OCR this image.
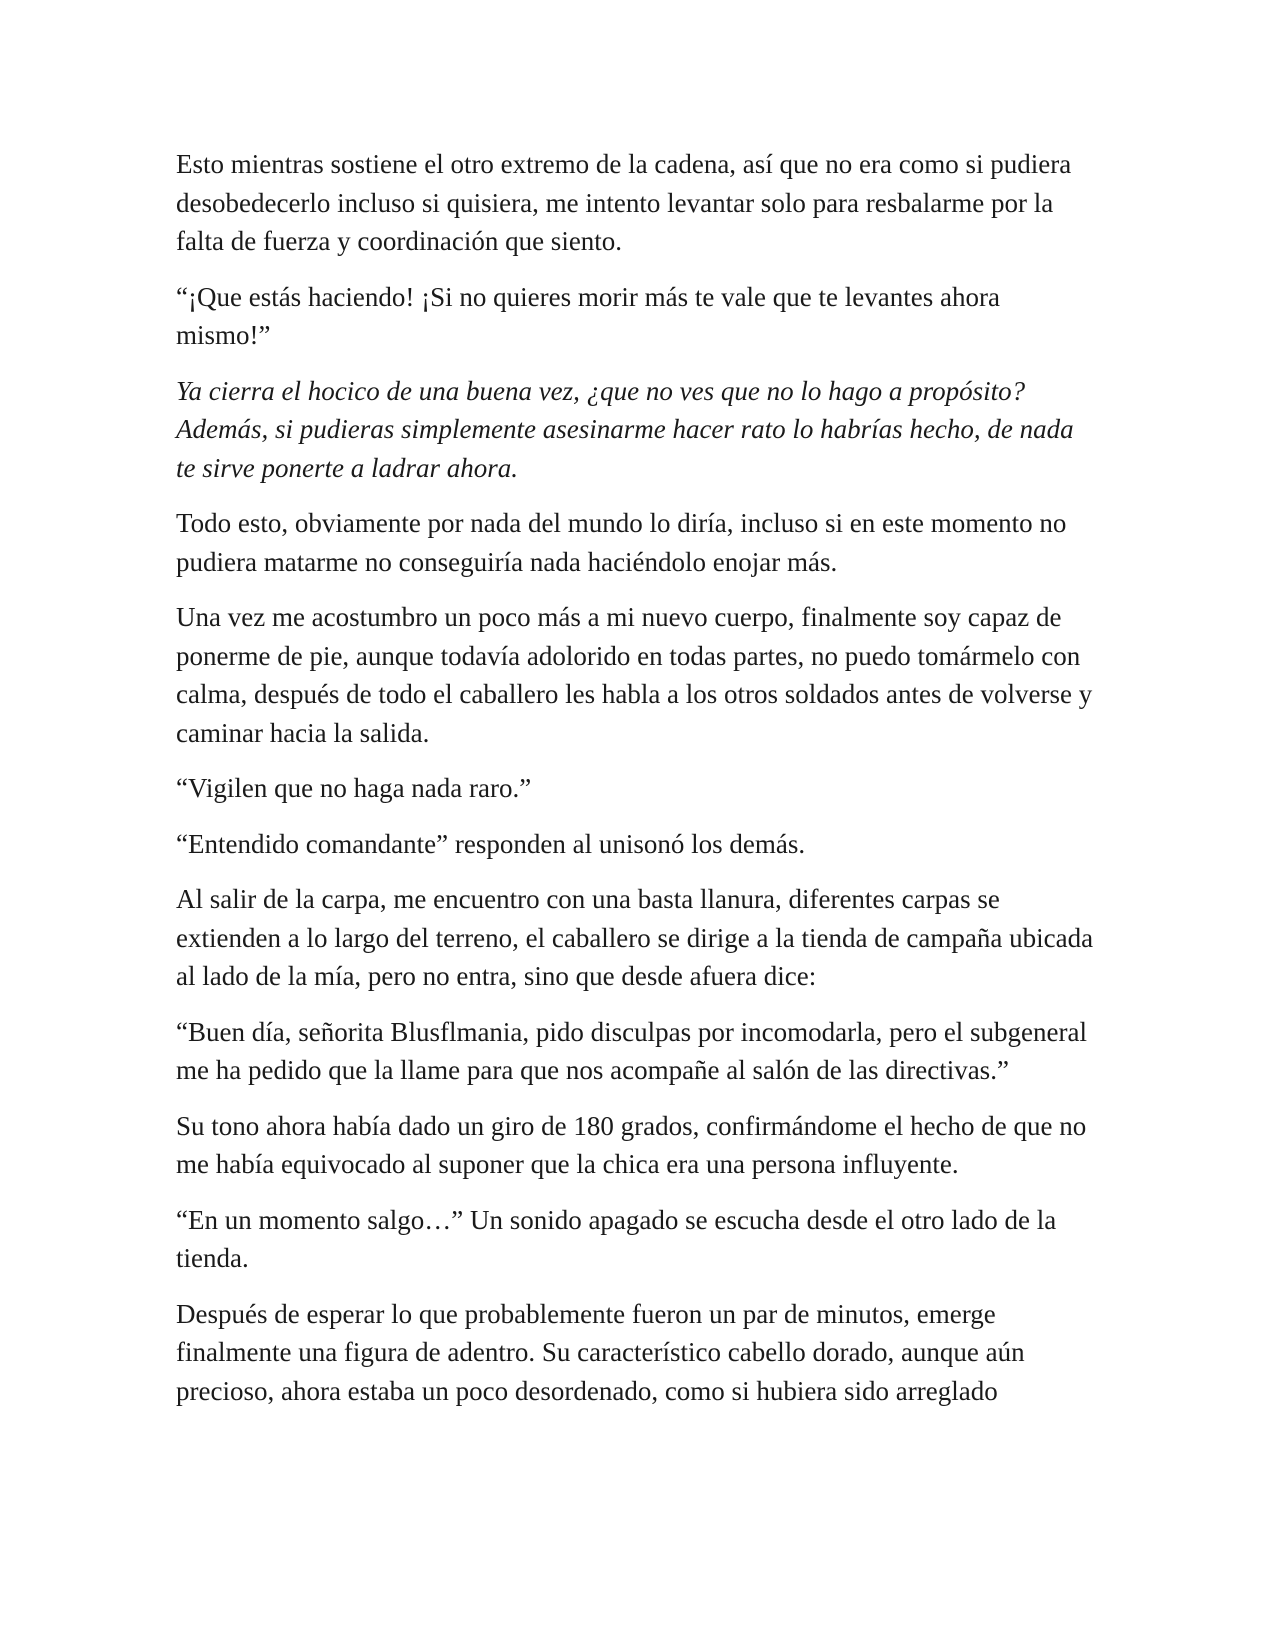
Esto mientras sostiene el otro extremo de la cadena, así que no era como si pudiera desobedecerlo incluso si quisiera, me intento levantar solo para resbalarme por la falta de fuerza y coordinación que siento.

“¡Que estás haciendo! ¡Si no quieres morir más te vale que te levantes ahora mismo!”

Ya cierra el hocico de una buena vez, ¿que no ves que no lo hago a propósito? Además, si pudieras simplemente asesinarme hacer rato lo habrías hecho, de nada te sirve ponerte a ladrar ahora.

Todo esto, obviamente por nada del mundo lo diría, incluso si en este momento no pudiera matarme no conseguiría nada haciéndolo enojar más.

Una vez me acostumbro un poco más a mi nuevo cuerpo, finalmente soy capaz de ponerme de pie, aunque todavía adolorido en todas partes, no puedo tomármelo con calma, después de todo el caballero les habla a los otros soldados antes de volverse y caminar hacia la salida.

“Vigilen que no haga nada raro.”

“Entendido comandante” responden al unisonó los demás.

Al salir de la carpa, me encuentro con una basta llanura, diferentes carpas se extienden a lo largo del terreno, el caballero se dirige a la tienda de campaña ubicada al lado de la mía, pero no entra, sino que desde afuera dice:

“Buen día, señorita Blusflmania, pido disculpas por incomodarla, pero el subgeneral me ha pedido que la llame para que nos acompañe al salón de las directivas.”

Su tono ahora había dado un giro de 180 grados, confirmándome el hecho de que no me había equivocado al suponer que la chica era una persona influyente.

“En un momento salgo…” Un sonido apagado se escucha desde el otro lado de la tienda.

Después de esperar lo que probablemente fueron un par de minutos, emerge finalmente una figura de adentro. Su característico cabello dorado, aunque aún precioso, ahora estaba un poco desordenado, como si hubiera sido arreglado
